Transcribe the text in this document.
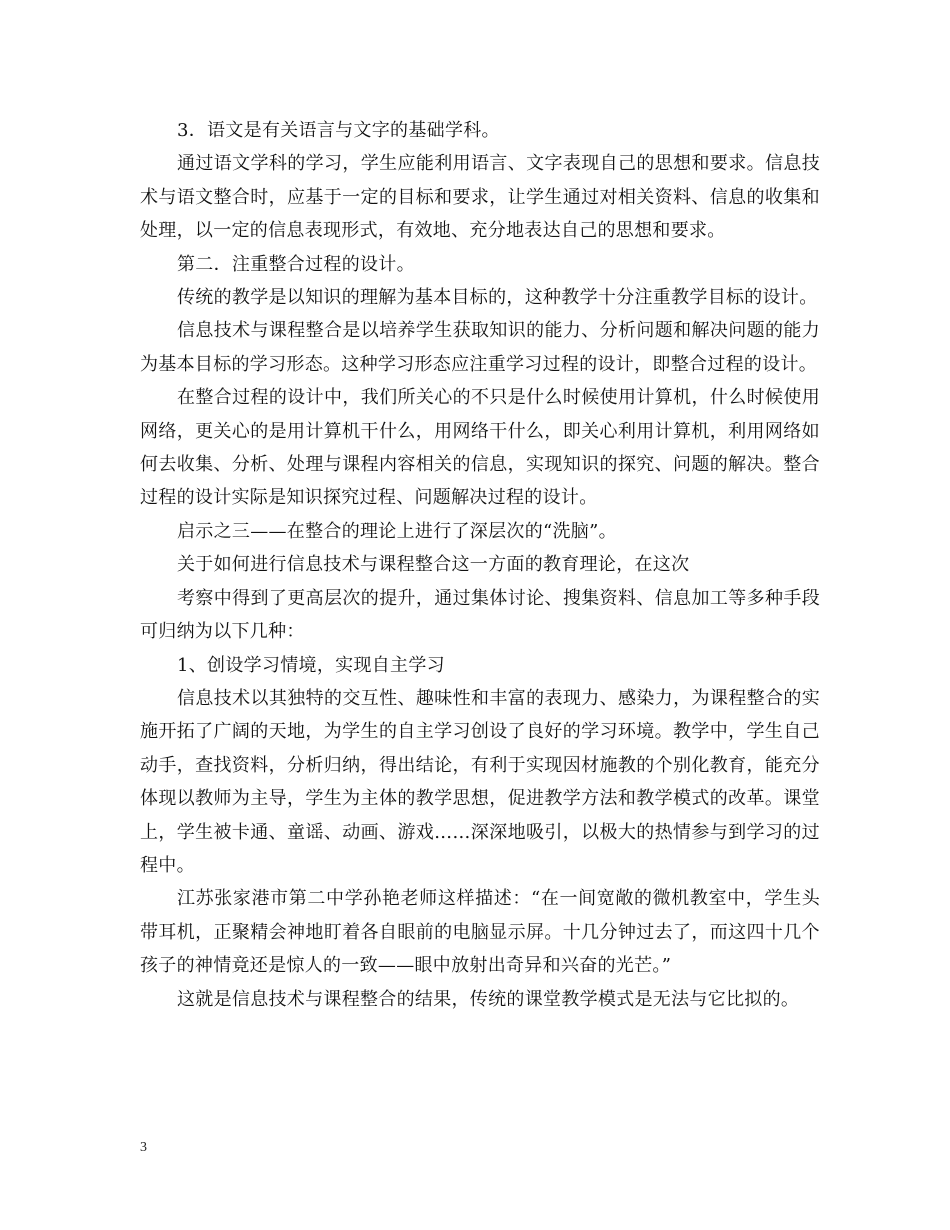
3．语文是有关语言与文字的基础学科。

通过语文学科的学习，学生应能利用语言、文字表现自己的思想和要求。信息技术与语文整合时，应基于一定的目标和要求，让学生通过对相关资料、信息的收集和处理，以一定的信息表现形式，有效地、充分地表达自己的思想和要求。

第二．注重整合过程的设计。

传统的教学是以知识的理解为基本目标的，这种教学十分注重教学目标的设计。

信息技术与课程整合是以培养学生获取知识的能力、分析问题和解决问题的能力为基本目标的学习形态。这种学习形态应注重学习过程的设计，即整合过程的设计。

在整合过程的设计中，我们所关心的不只是什么时候使用计算机，什么时候使用网络，更关心的是用计算机干什么，用网络干什么，即关心利用计算机，利用网络如何去收集、分析、处理与课程内容相关的信息，实现知识的探究、问题的解决。整合过程的设计实际是知识探究过程、问题解决过程的设计。

启示之三——在整合的理论上进行了深层次的“洗脑”。

关于如何进行信息技术与课程整合这一方面的教育理论，在这次

考察中得到了更高层次的提升，通过集体讨论、搜集资料、信息加工等多种手段可归纳为以下几种：

1、创设学习情境，实现自主学习

信息技术以其独特的交互性、趣味性和丰富的表现力、感染力，为课程整合的实施开拓了广阔的天地，为学生的自主学习创设了良好的学习环境。教学中，学生自己动手，查找资料，分析归纳，得出结论，有利于实现因材施教的个别化教育，能充分体现以教师为主导，学生为主体的教学思想，促进教学方法和教学模式的改革。课堂上，学生被卡通、童谣、动画、游戏……深深地吸引，以极大的热情参与到学习的过程中。

江苏张家港市第二中学孙艳老师这样描述：“在一间宽敞的微机教室中，学生头带耳机，正聚精会神地盯着各自眼前的电脑显示屏。十几分钟过去了，而这四十几个孩子的神情竟还是惊人的一致——眼中放射出奇异和兴奋的光芒。”

这就是信息技术与课程整合的结果，传统的课堂教学模式是无法与它比拟的。

3
